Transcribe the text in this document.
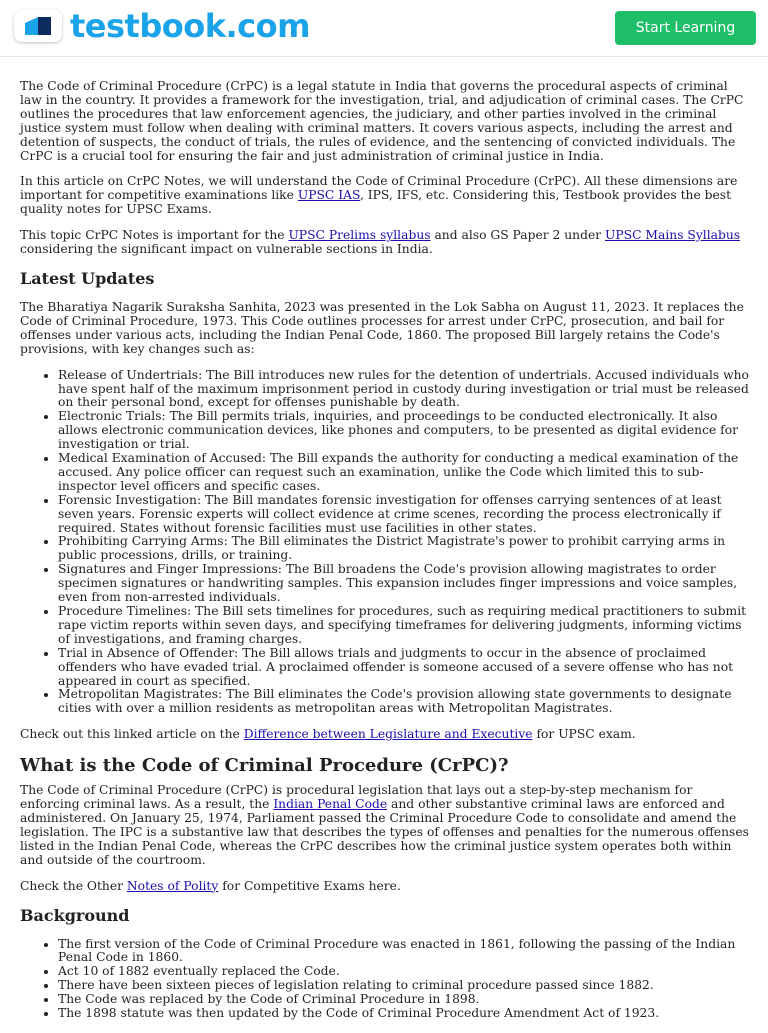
testbook.com	Start Learning

The Code of Criminal Procedure (CrPC) is a legal statute in India that governs the procedural aspects of criminal law in the country. It provides a framework for the investigation, trial, and adjudication of criminal cases. The CrPC outlines the procedures that law enforcement agencies, the judiciary, and other parties involved in the criminal justice system must follow when dealing with criminal matters. It covers various aspects, including the arrest and detention of suspects, the conduct of trials, the rules of evidence, and the sentencing of convicted individuals. The CrPC is a crucial tool for ensuring the fair and just administration of criminal justice in India.

In this article on CrPC Notes, we will understand the Code of Criminal Procedure (CrPC). All these dimensions are important for competitive examinations like UPSC IAS, IPS, IFS, etc. Considering this, Testbook provides the best quality notes for UPSC Exams.

This topic CrPC Notes is important for the UPSC Prelims syllabus and also GS Paper 2 under UPSC Mains Syllabus considering the significant impact on vulnerable sections in India.

Latest Updates

The Bharatiya Nagarik Suraksha Sanhita, 2023 was presented in the Lok Sabha on August 11, 2023. It replaces the Code of Criminal Procedure, 1973. This Code outlines processes for arrest under CrPC, prosecution, and bail for offenses under various acts, including the Indian Penal Code, 1860. The proposed Bill largely retains the Code's provisions, with key changes such as:

• Release of Undertrials: The Bill introduces new rules for the detention of undertrials. Accused individuals who have spent half of the maximum imprisonment period in custody during investigation or trial must be released on their personal bond, except for offenses punishable by death.
• Electronic Trials: The Bill permits trials, inquiries, and proceedings to be conducted electronically. It also allows electronic communication devices, like phones and computers, to be presented as digital evidence for investigation or trial.
• Medical Examination of Accused: The Bill expands the authority for conducting a medical examination of the accused. Any police officer can request such an examination, unlike the Code which limited this to sub-inspector level officers and specific cases.
• Forensic Investigation: The Bill mandates forensic investigation for offenses carrying sentences of at least seven years. Forensic experts will collect evidence at crime scenes, recording the process electronically if required. States without forensic facilities must use facilities in other states.
• Prohibiting Carrying Arms: The Bill eliminates the District Magistrate's power to prohibit carrying arms in public processions, drills, or training.
• Signatures and Finger Impressions: The Bill broadens the Code's provision allowing magistrates to order specimen signatures or handwriting samples. This expansion includes finger impressions and voice samples, even from non-arrested individuals.
• Procedure Timelines: The Bill sets timelines for procedures, such as requiring medical practitioners to submit rape victim reports within seven days, and specifying timeframes for delivering judgments, informing victims of investigations, and framing charges.
• Trial in Absence of Offender: The Bill allows trials and judgments to occur in the absence of proclaimed offenders who have evaded trial. A proclaimed offender is someone accused of a severe offense who has not appeared in court as specified.
• Metropolitan Magistrates: The Bill eliminates the Code's provision allowing state governments to designate cities with over a million residents as metropolitan areas with Metropolitan Magistrates.

Check out this linked article on the Difference between Legislature and Executive for UPSC exam.

What is the Code of Criminal Procedure (CrPC)?

The Code of Criminal Procedure (CrPC) is procedural legislation that lays out a step-by-step mechanism for enforcing criminal laws. As a result, the Indian Penal Code and other substantive criminal laws are enforced and administered. On January 25, 1974, Parliament passed the Criminal Procedure Code to consolidate and amend the legislation. The IPC is a substantive law that describes the types of offenses and penalties for the numerous offenses listed in the Indian Penal Code, whereas the CrPC describes how the criminal justice system operates both within and outside of the courtroom.

Check the Other Notes of Polity for Competitive Exams here.

Background
• The first version of the Code of Criminal Procedure was enacted in 1861, following the passing of the Indian Penal Code in 1860.
• Act 10 of 1882 eventually replaced the Code.
• There have been sixteen pieces of legislation relating to criminal procedure passed since 1882.
• The Code was replaced by the Code of Criminal Procedure in 1898.
• The 1898 statute was then updated by the Code of Criminal Procedure Amendment Act of 1923.
